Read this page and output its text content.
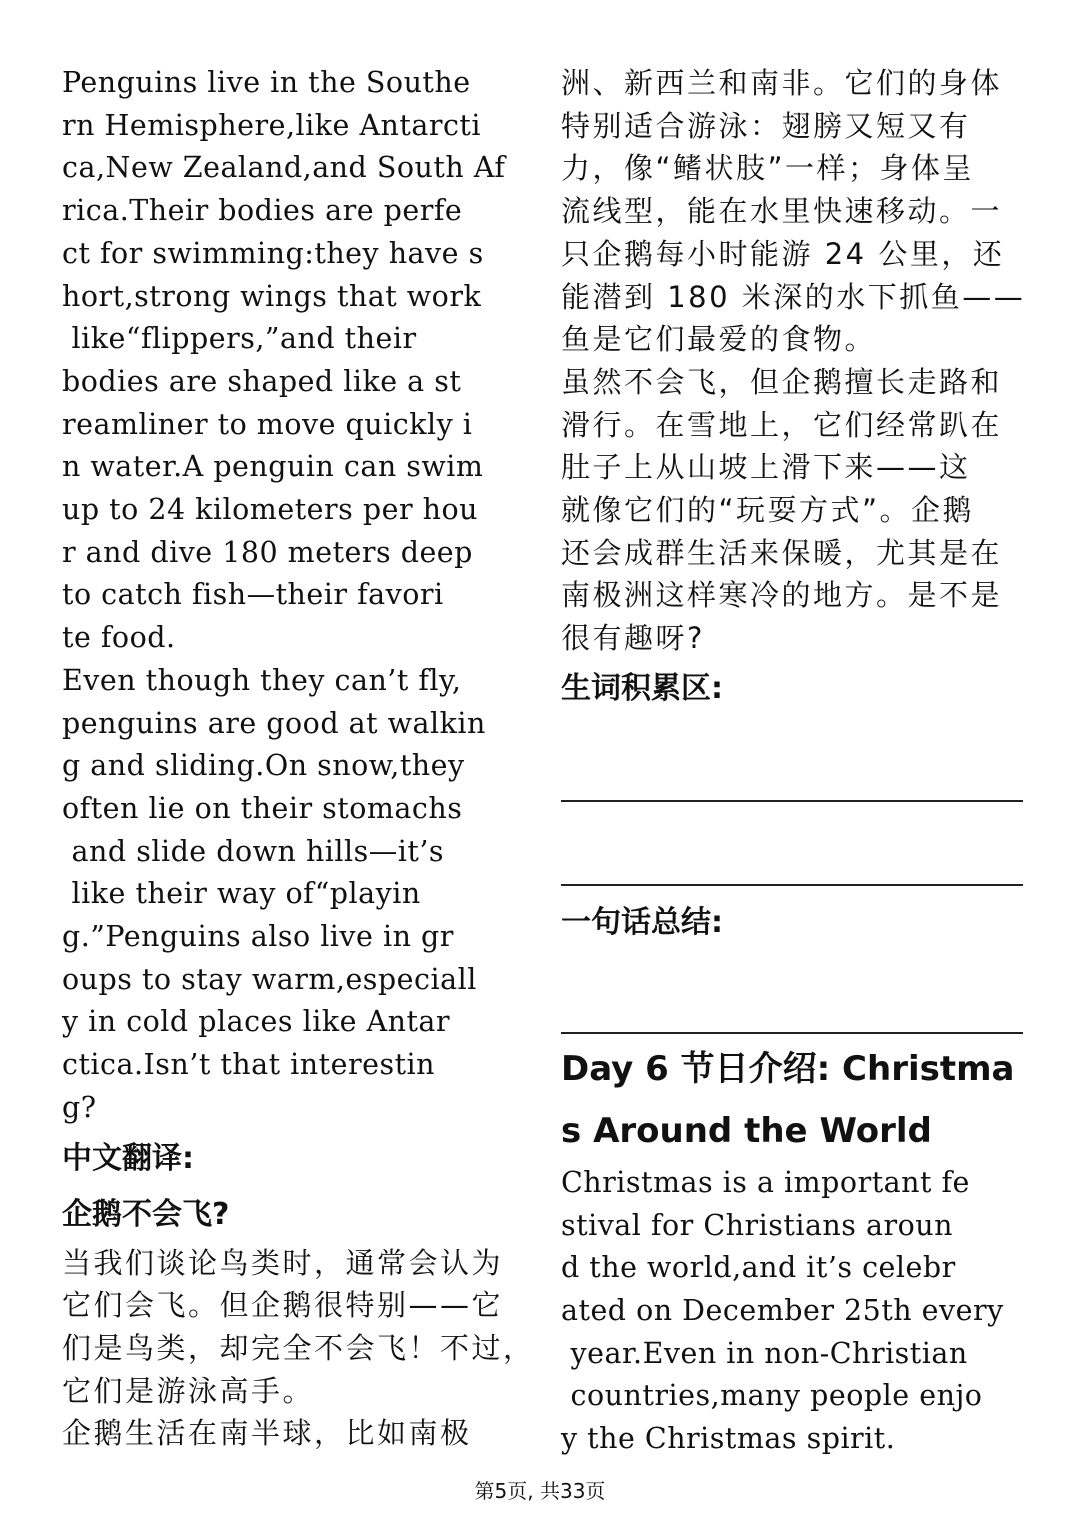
Penguins live in the Southe
rn Hemisphere,like Antarcti
ca,New Zealand,and South Af
rica.Their bodies are perfe
ct for swimming:they have s
hort,strong wings that work
like“flippers,”and their
bodies are shaped like a st
reamliner to move quickly i
n water.A penguin can swim
up to 24 kilometers per hou
r and dive 180 meters deep
to catch fish—their favori
te food.

Even though they can’t fly,
penguins are good at walkin
g and sliding.On snow,they
often lie on their stomachs
and slide down hills—it’s
like their way of“playin
g.”Penguins also live in gr
oups to stay warm,especiall
y in cold places like Antar
ctica.Isn’t that interestin
g?

中文翻译:

企鹅不会飞?

当我们谈论鸟类时，通常会认为
它们会飞。但企鹅很特别——它
们是鸟类，却完全不会飞！不过，
它们是游泳高手。

企鹅生活在南半球，比如南极

洲、新西兰和南非。它们的身体
特别适合游泳：翅膀又短又有
力，像“鳍状肢”一样；身体呈
流线型，能在水里快速移动。一
只企鹅每小时能游 24 公里，还
能潜到 180 米深的水下抓鱼——
鱼是它们最爱的食物。

虽然不会飞，但企鹅擅长走路和
滑行。在雪地上，它们经常趴在
肚子上从山坡上滑下来——这
就像它们的“玩耍方式”。企鹅
还会成群生活来保暖，尤其是在
南极洲这样寒冷的地方。是不是
很有趣呀?

生词积累区:

一句话总结:

Day 6 节日介绍: Christma
s Around the World

Christmas is a important fe
stival for Christians aroun
d the world,and it’s celebr
ated on December 25th every
year.Even in non-Christian
countries,many people enjo
y the Christmas spirit.

第5页, 共33页
